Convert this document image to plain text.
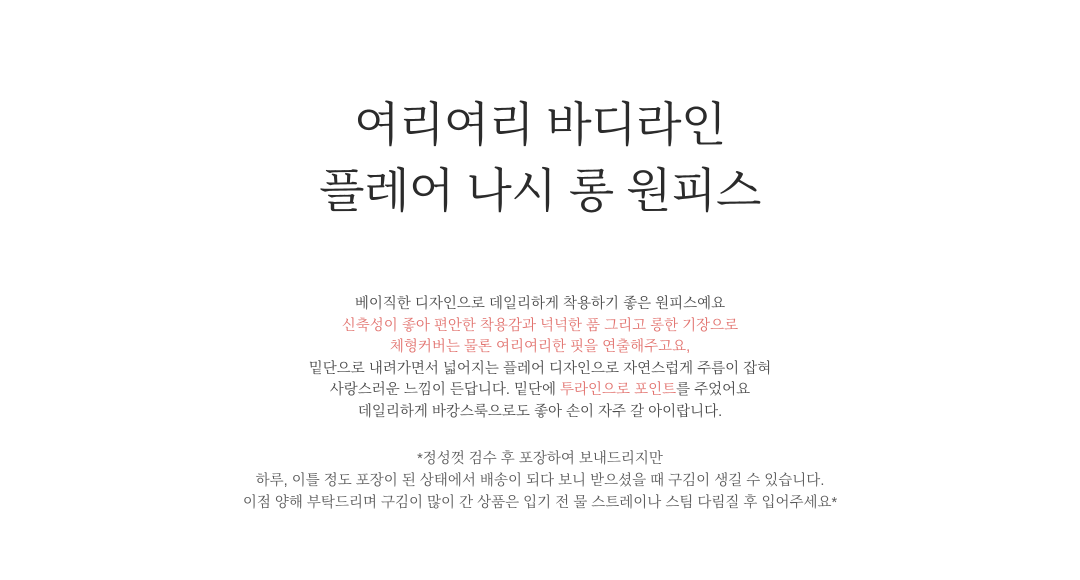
여리여리 바디라인
플레어 나시 롱 원피스
베이직한 디자인으로 데일리하게 착용하기 좋은 원피스예요
신축성이 좋아 편안한 착용감과 넉넉한 품 그리고 롱한 기장으로
체형커버는 물론 여리여리한 핏을 연출해주고요,
밑단으로 내려가면서 넓어지는 플레어 디자인으로 자연스럽게 주름이 잡혀
사랑스러운 느낌이 든답니다. 밑단에 투라인으로 포인트를 주었어요
데일리하게 바캉스룩으로도 좋아 손이 자주 갈 아이랍니다.
*정성껏 검수 후 포장하여 보내드리지만
하루, 이틀 정도 포장이 된 상태에서 배송이 되다 보니 받으셨을 때 구김이 생길 수 있습니다.
이점 양해 부탁드리며 구김이 많이 간 상품은 입기 전 물 스트레이나 스팀 다림질 후 입어주세요*
